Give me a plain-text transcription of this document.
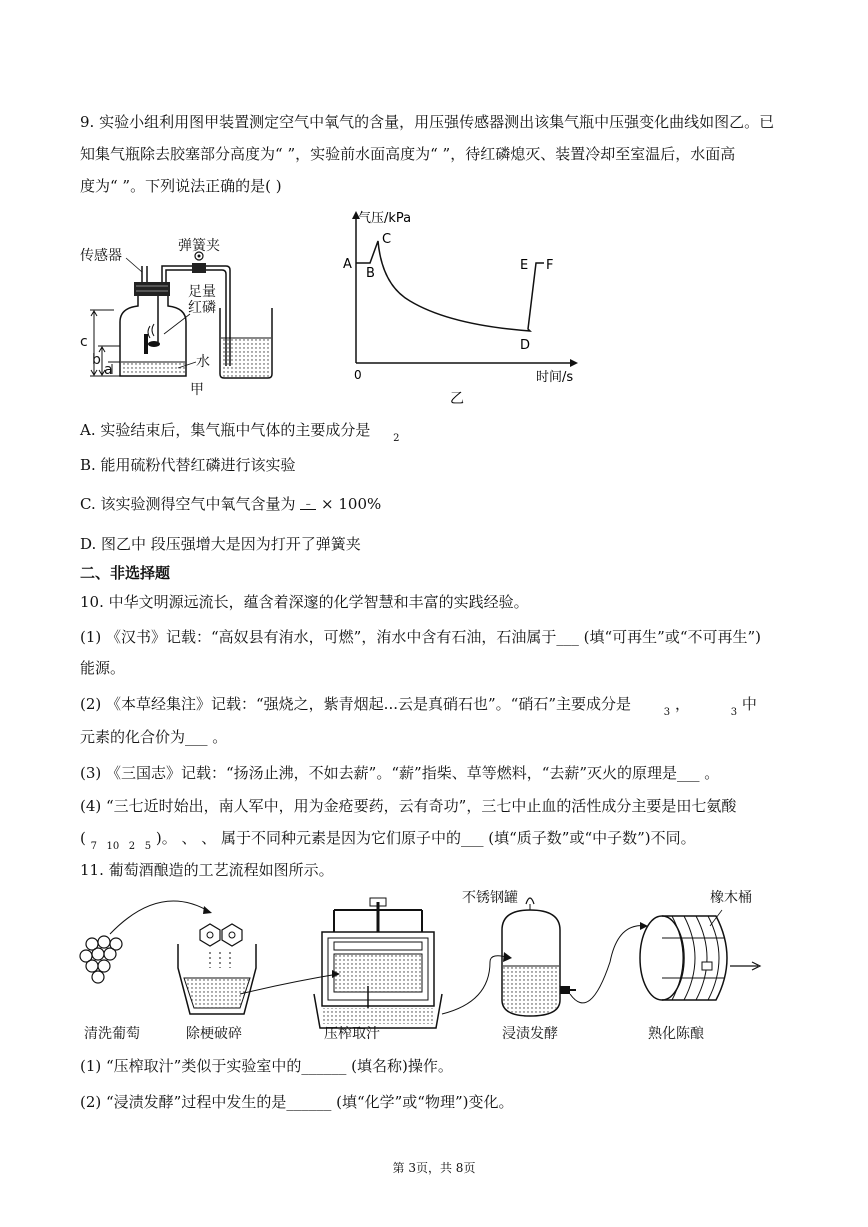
9. 实验小组利用图甲装置测定空气中氧气的含量，用压强传感器测出该集气瓶中压强变化曲线如图乙。已
知集气瓶除去胶塞部分高度为“ ”，实验前水面高度为“ ”，待红磷熄灭、装置冷却至室温后，水面高
度为“ ”。下列说法正确的是( )
传感器
弹簧夹
足量
红磷
水
c
b
a
甲
气压/kPa
0	时间/s
A
B
C
D
E F
乙
A. 实验结束后，集气瓶中气体的主要成分是 $_2$
B. 能用硫粉代替红磷进行该实验
C. 该实验测得空气中氧气含量为 – × 100%
D. 图乙中 段压强增大是因为打开了弹簧夹
二、非选择题
10. 中华文明源远流长，蕴含着深邃的化学智慧和丰富的实践经验。
(1) 《汉书》记载：“高奴县有洧水，可燃”，洧水中含有石油，石油属于___ (填“可再生”或“不可再生”)
能源。
(2) 《本草经集注》记载：“强烧之，紫青烟起...云是真硝石也”。“硝石”主要成分是	$_3$ ，	$_3$ 中
元素的化合价为___ 。
(3) 《三国志》记载：“扬汤止沸，不如去薪”。“薪”指柴、草等燃料，“去薪”灭火的原理是___ 。
(4) “三七近时始出，南人军中，用为金疮要药，云有奇功”，三七中止血的活性成分主要是田七氨酸
( $_{7 10 2 5}$ )。 、 、 属于不同种元素是因为它们原子中的___ (填“质子数”或“中子数”)不同。
11. 葡萄酒酿造的工艺流程如图所示。
不锈钢罐	橡木桶
清洗葡萄	除梗破碎	压榨取汁	浸渍发酵	熟化陈酿
(1) “压榨取汁”类似于实验室中的______ (填名称)操作。
(2) “浸渍发酵”过程中发生的是______ (填“化学”或“物理”)变化。
第 3页，共 8页
